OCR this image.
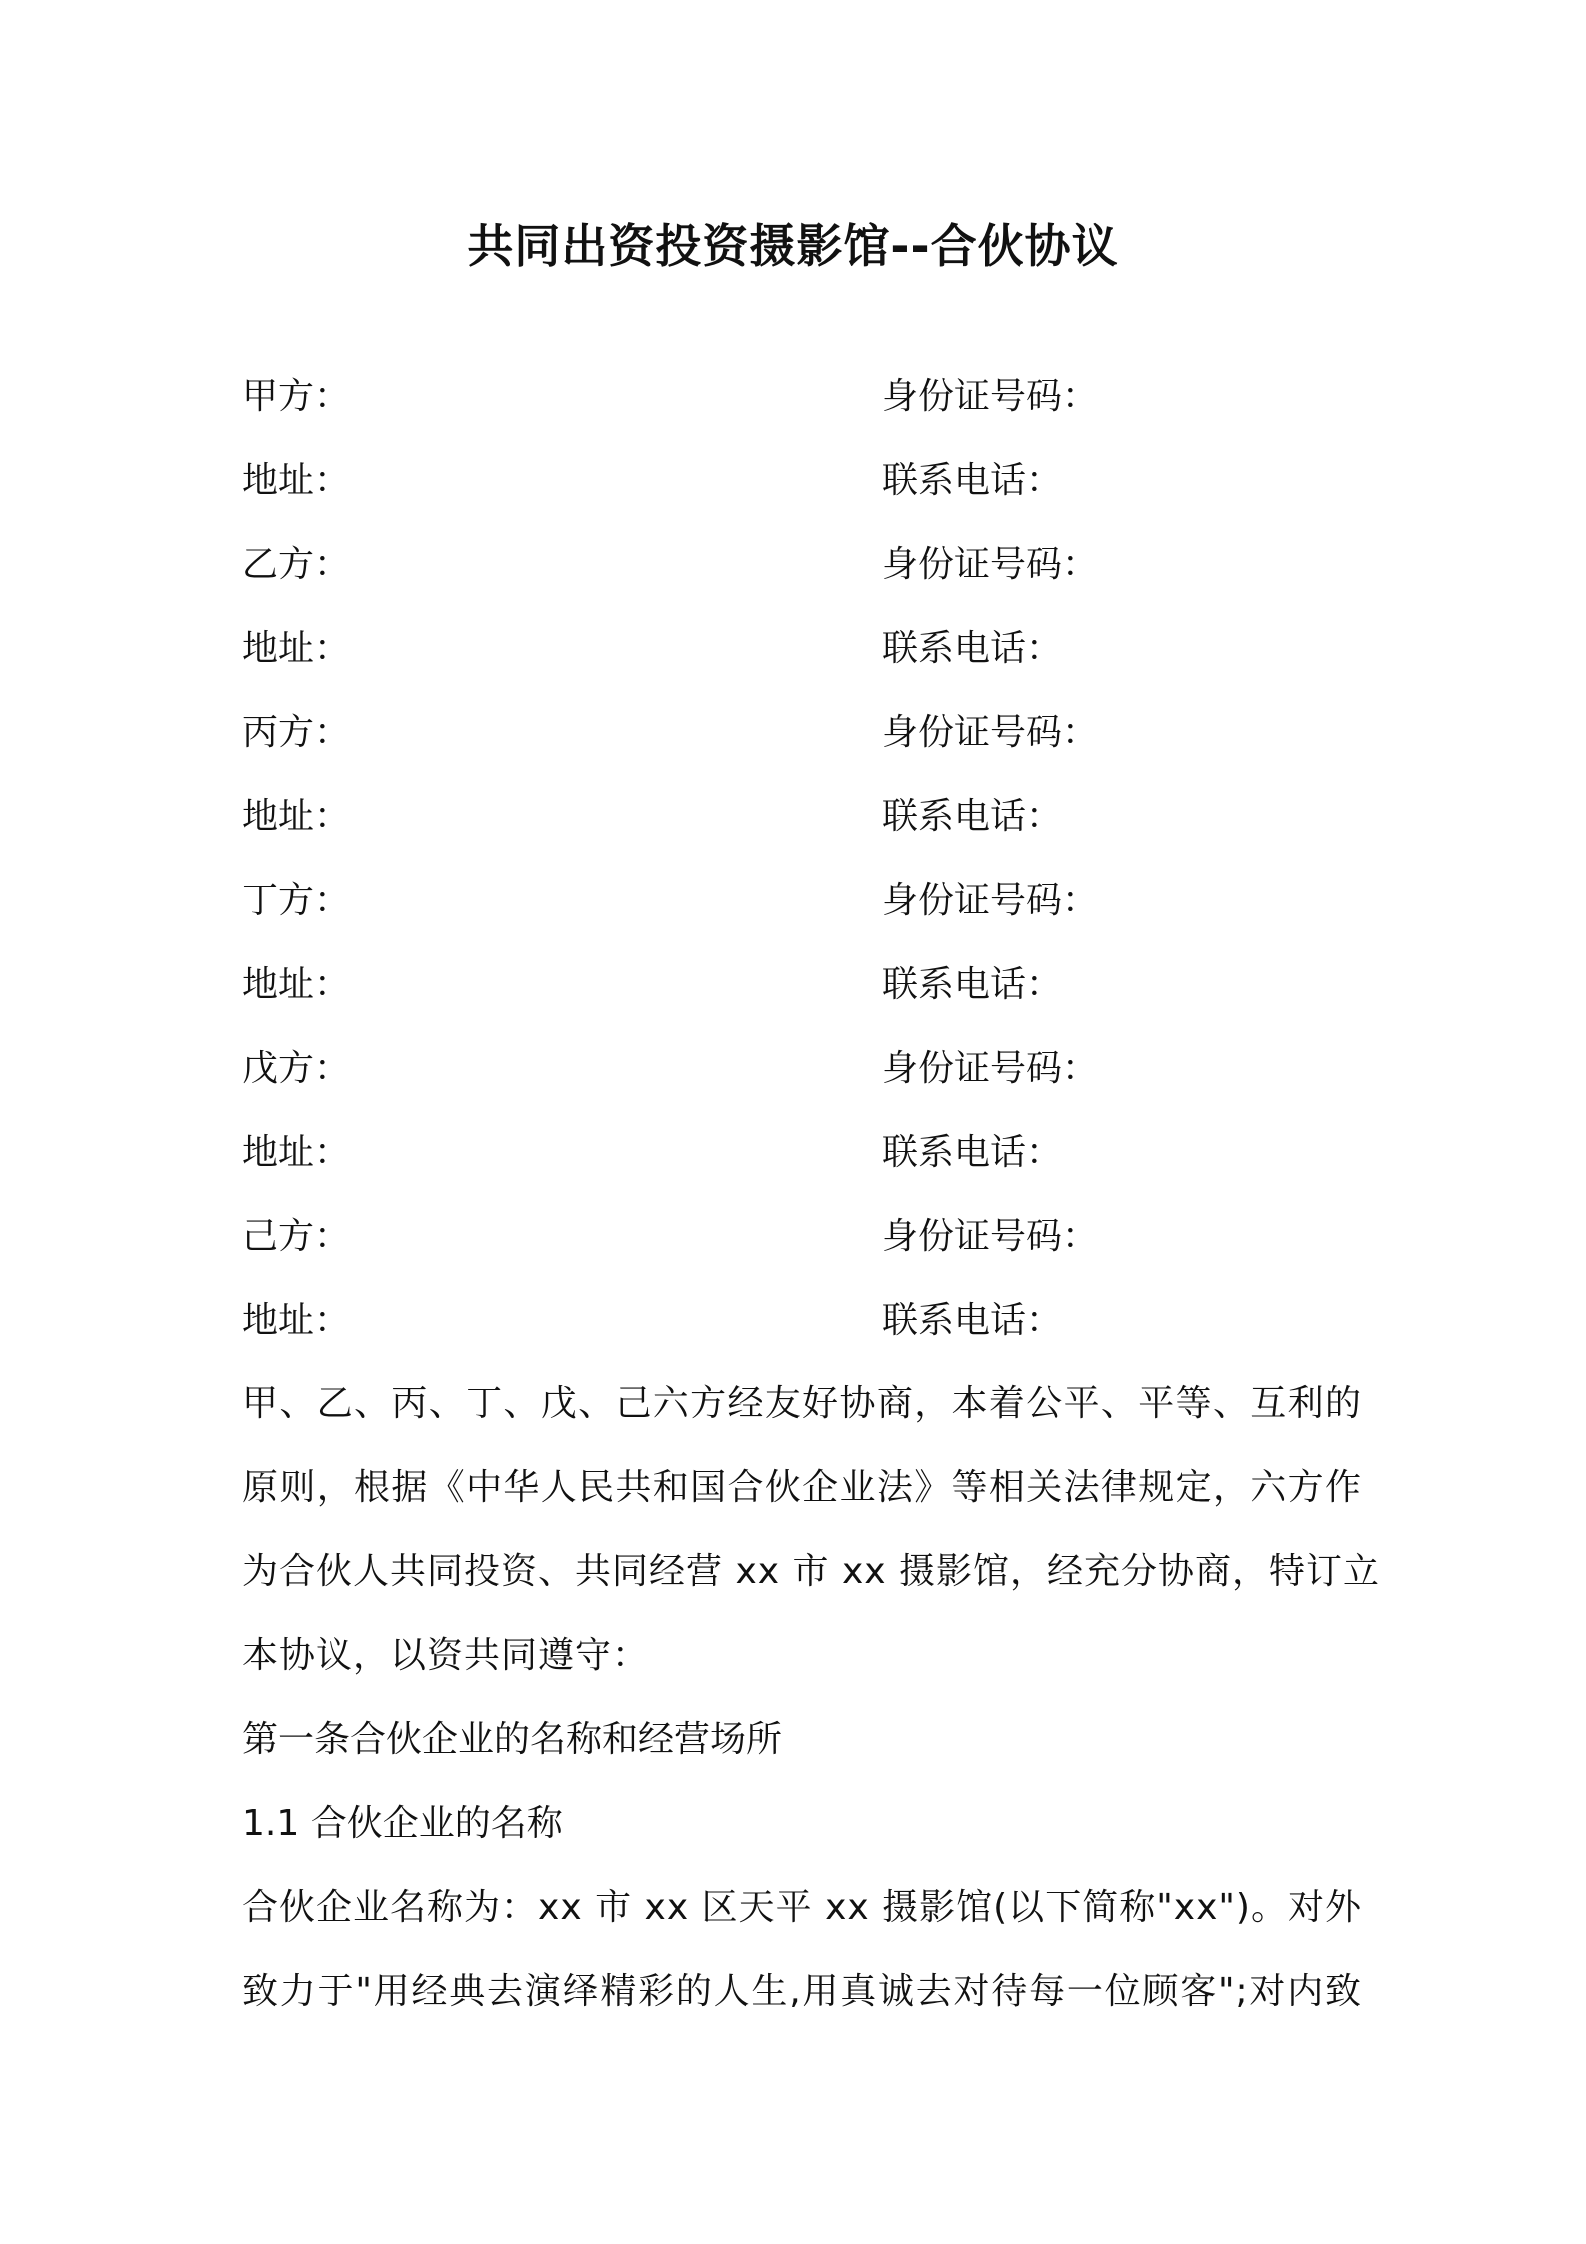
共同出资投资摄影馆--合伙协议
甲方：	身份证号码：
地址：	联系电话：
乙方：	身份证号码：
地址：	联系电话：
丙方：	身份证号码：
地址：	联系电话：
丁方：	身份证号码：
地址：	联系电话：
戊方：	身份证号码：
地址：	联系电话：
己方：	身份证号码：
地址：	联系电话：
甲、乙、丙、丁、戊、己六方经友好协商，本着公平、平等、互利的
原则，根据《中华人民共和国合伙企业法》等相关法律规定，六方作
为合伙人共同投资、共同经营 xx 市 xx 摄影馆，经充分协商，特订立
本协议，以资共同遵守：
第一条合伙企业的名称和经营场所
1.1 合伙企业的名称
合伙企业名称为：xx 市 xx 区天平 xx 摄影馆(以下简称"xx")。对外
致力于"用经典去演绎精彩的人生,用真诚去对待每一位顾客";对内致
